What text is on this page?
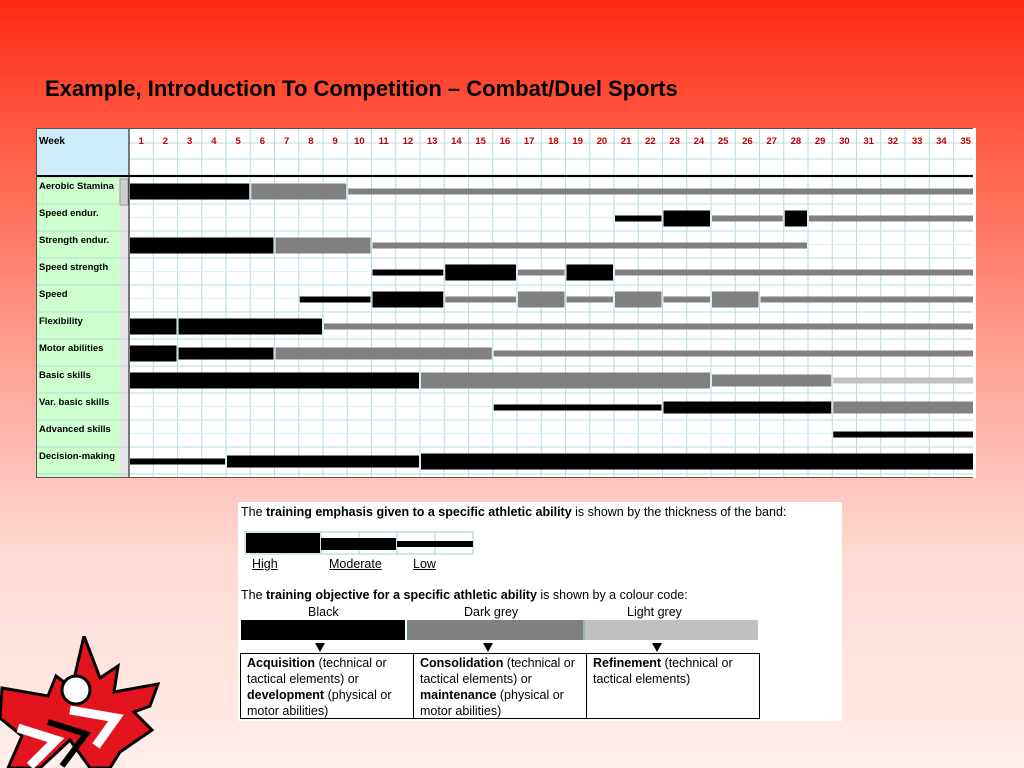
Example, Introduction To Competition – Combat/Duel Sports
Week	1 2 3 4 5 6 7 8 9 10 11 12 13 14 15 16 17 18 19 20 21 22 23 24 25 26 27 28 29 30 31 32 33 34 35
Aerobic Stamina
Speed endur.
Strength endur.
Speed strength
Speed
Flexibility
Motor abilities
Basic skills
Var. basic skills
Advanced skills
Decision-making
The training emphasis given to a specific athletic ability is shown by the thickness of the band:
High	Moderate Low
The training objective for a specific athletic ability is shown by a colour code:
Black	Dark grey	Light grey
Acquisition (technical or tactical elements) or development (physical or motor abilities)
Consolidation (technical or tactical elements) or maintenance (physical or motor abilities)
Refinement (technical or tactical elements)
